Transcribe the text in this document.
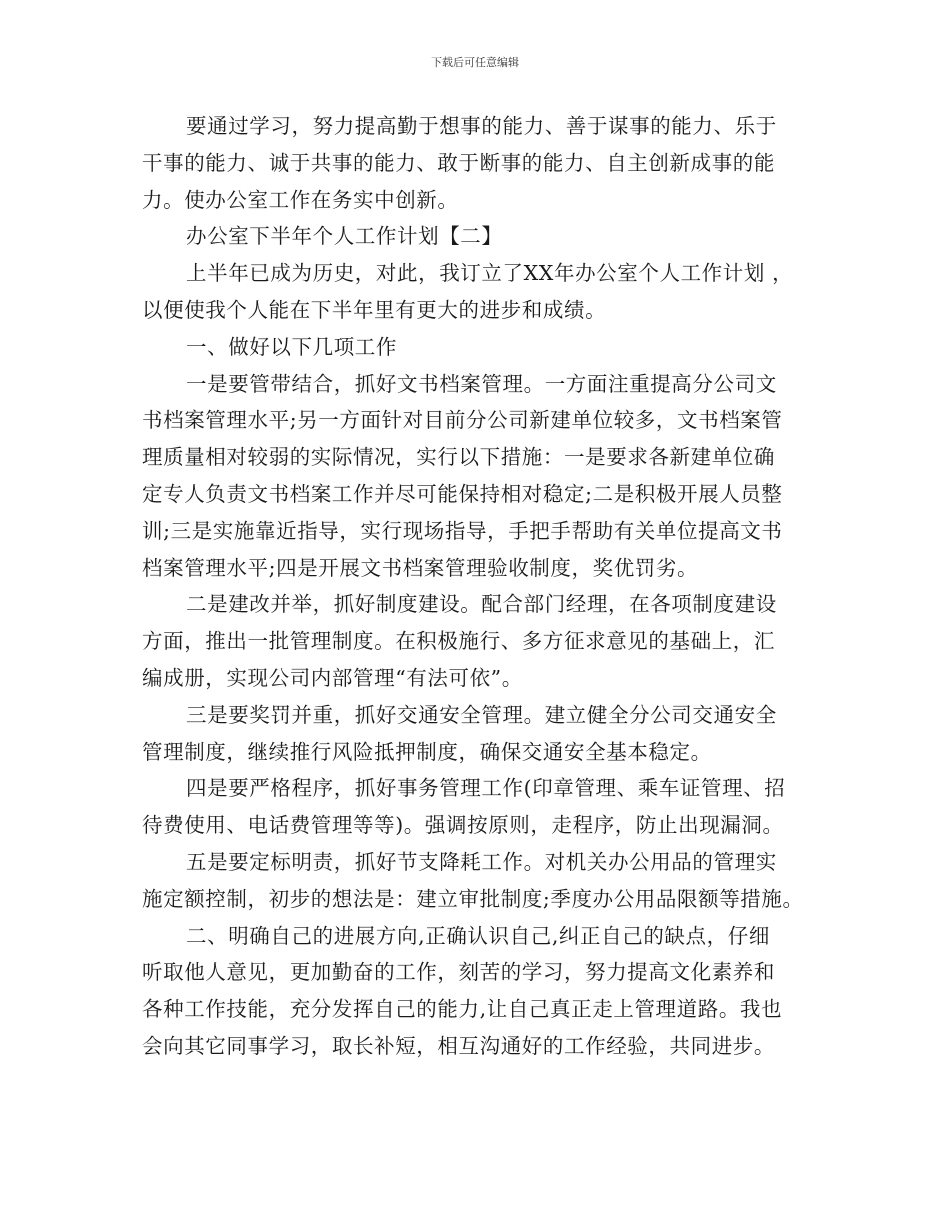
下载后可任意编辑
要通过学习，努力提高勤于想事的能力、善于谋事的能力、乐于
干事的能力、诚于共事的能力、敢于断事的能力、自主创新成事的能
力。使办公室工作在务实中创新。
办公室下半年个人工作计划【二】
上半年已成为历史，对此，我订立了XX年办公室个人工作计划 ，
以便使我个人能在下半年里有更大的进步和成绩。
一、做好以下几项工作
一是要管带结合，抓好文书档案管理。一方面注重提高分公司文
书档案管理水平;另一方面针对目前分公司新建单位较多，文书档案管
理质量相对较弱的实际情况，实行以下措施：一是要求各新建单位确
定专人负责文书档案工作并尽可能保持相对稳定;二是积极开展人员整
训;三是实施靠近指导，实行现场指导，手把手帮助有关单位提高文书
档案管理水平;四是开展文书档案管理验收制度，奖优罚劣。
二是建改并举，抓好制度建设。配合部门经理，在各项制度建设
方面，推出一批管理制度。在积极施行、多方征求意见的基础上，汇
编成册，实现公司内部管理“有法可依”。
三是要奖罚并重，抓好交通安全管理。建立健全分公司交通安全
管理制度，继续推行风险抵押制度，确保交通安全基本稳定。
四是要严格程序，抓好事务管理工作(印章管理、乘车证管理、招
待费使用、电话费管理等等)。强调按原则，走程序，防止出现漏洞。
五是要定标明责，抓好节支降耗工作。对机关办公用品的管理实
施定额控制，初步的想法是：建立审批制度;季度办公用品限额等措施。
二、明确自己的进展方向,正确认识自己,纠正自己的缺点，仔细
听取他人意见，更加勤奋的工作，刻苦的学习，努力提高文化素养和
各种工作技能，充分发挥自己的能力,让自己真正走上管理道路。我也
会向其它同事学习，取长补短，相互沟通好的工作经验，共同进步。
